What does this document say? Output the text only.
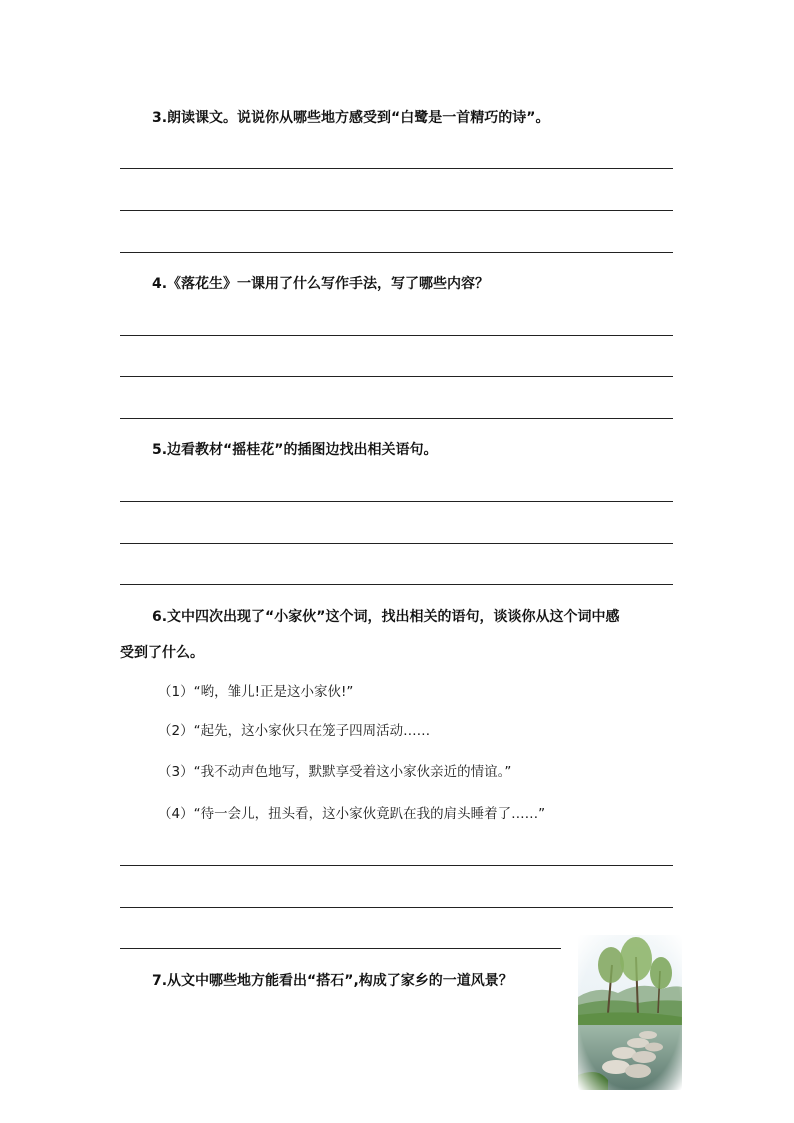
3.朗读课文。说说你从哪些地方感受到“白鹭是一首精巧的诗”。
4.《落花生》一课用了什么写作手法，写了哪些内容？
5.边看教材“摇桂花”的插图边找出相关语句。
6.文中四次出现了“小家伙”这个词，找出相关的语句，谈谈你从这个词中感
受到了什么。
（1）“哟，雏儿!正是这小家伙!”
（2）“起先，这小家伙只在笼子四周活动……
（3）“我不动声色地写，默默享受着这小家伙亲近的情谊。”
（4）“待一会儿，扭头看，这小家伙竟趴在我的肩头睡着了……”
7.从文中哪些地方能看出“搭石”,构成了家乡的一道风景？
